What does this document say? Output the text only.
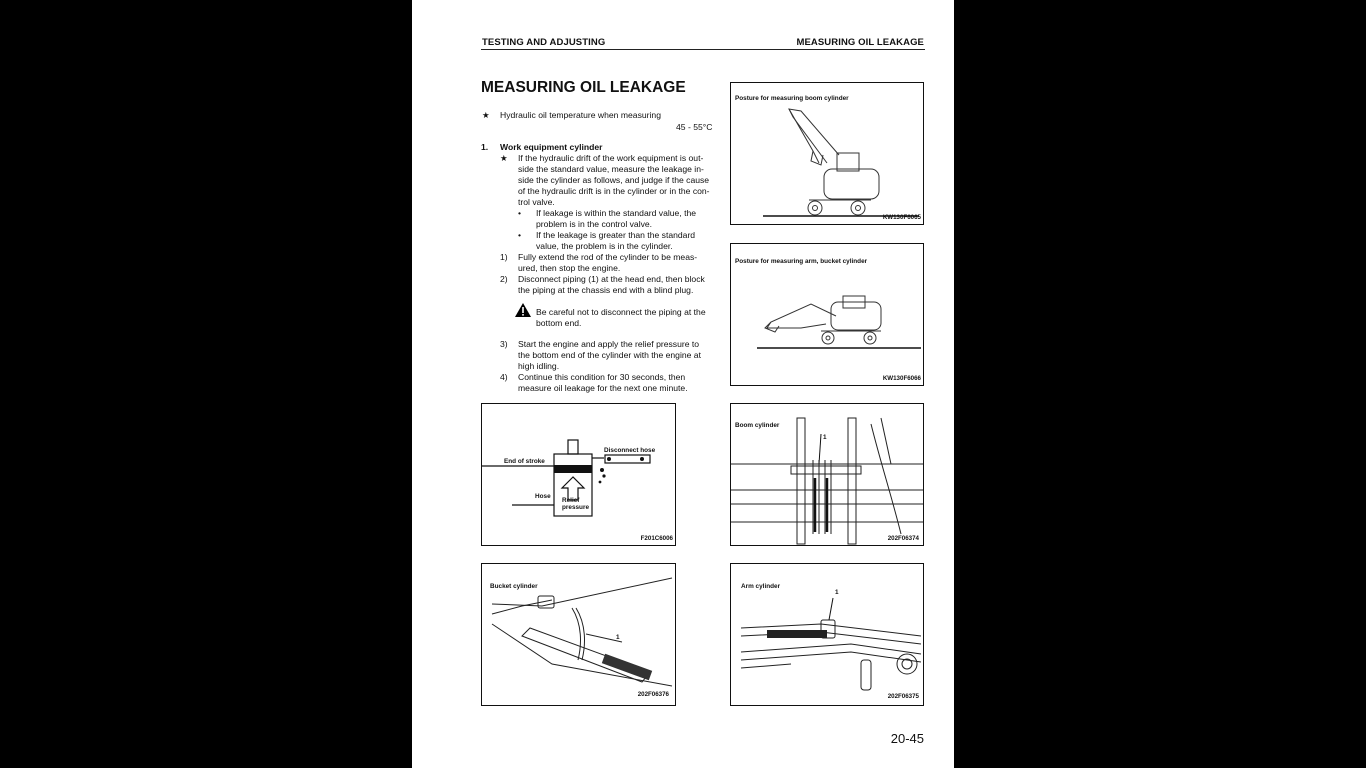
TESTING AND ADJUSTING	MEASURING OIL LEAKAGE
MEASURING OIL LEAKAGE
★ Hydraulic oil temperature when measuring
45 - 55°C
1. Work equipment cylinder
★ If the hydraulic drift of the work equipment is out-
side the standard value, measure the leakage in-
side the cylinder as follows, and judge if the cause
of the hydraulic drift is in the cylinder or in the con-
trol valve.
• If leakage is within the standard value, the
problem is in the control valve.
• If the leakage is greater than the standard
value, the problem is in the cylinder.
1) Fully extend the rod of the cylinder to be meas-
ured, then stop the engine.
2) Disconnect piping (1) at the head end, then block
the piping at the chassis end with a blind plug.
Be careful not to disconnect the piping at the
bottom end.
3) Start the engine and apply the relief pressure to
the bottom end of the cylinder with the engine at
high idling.
4) Continue this condition for 30 seconds, then
measure oil leakage for the next one minute.
Posture for measuring boom cylinder
KW130F6065
Posture for measuring arm, bucket cylinder
KW130F6066
Disconnect hose
End of stroke
Hose
Relief
pressure
F201C6006
Boom cylinder
1
202F06374
Bucket cylinder
1
202F06376
Arm cylinder
1
202F06375
20-45
